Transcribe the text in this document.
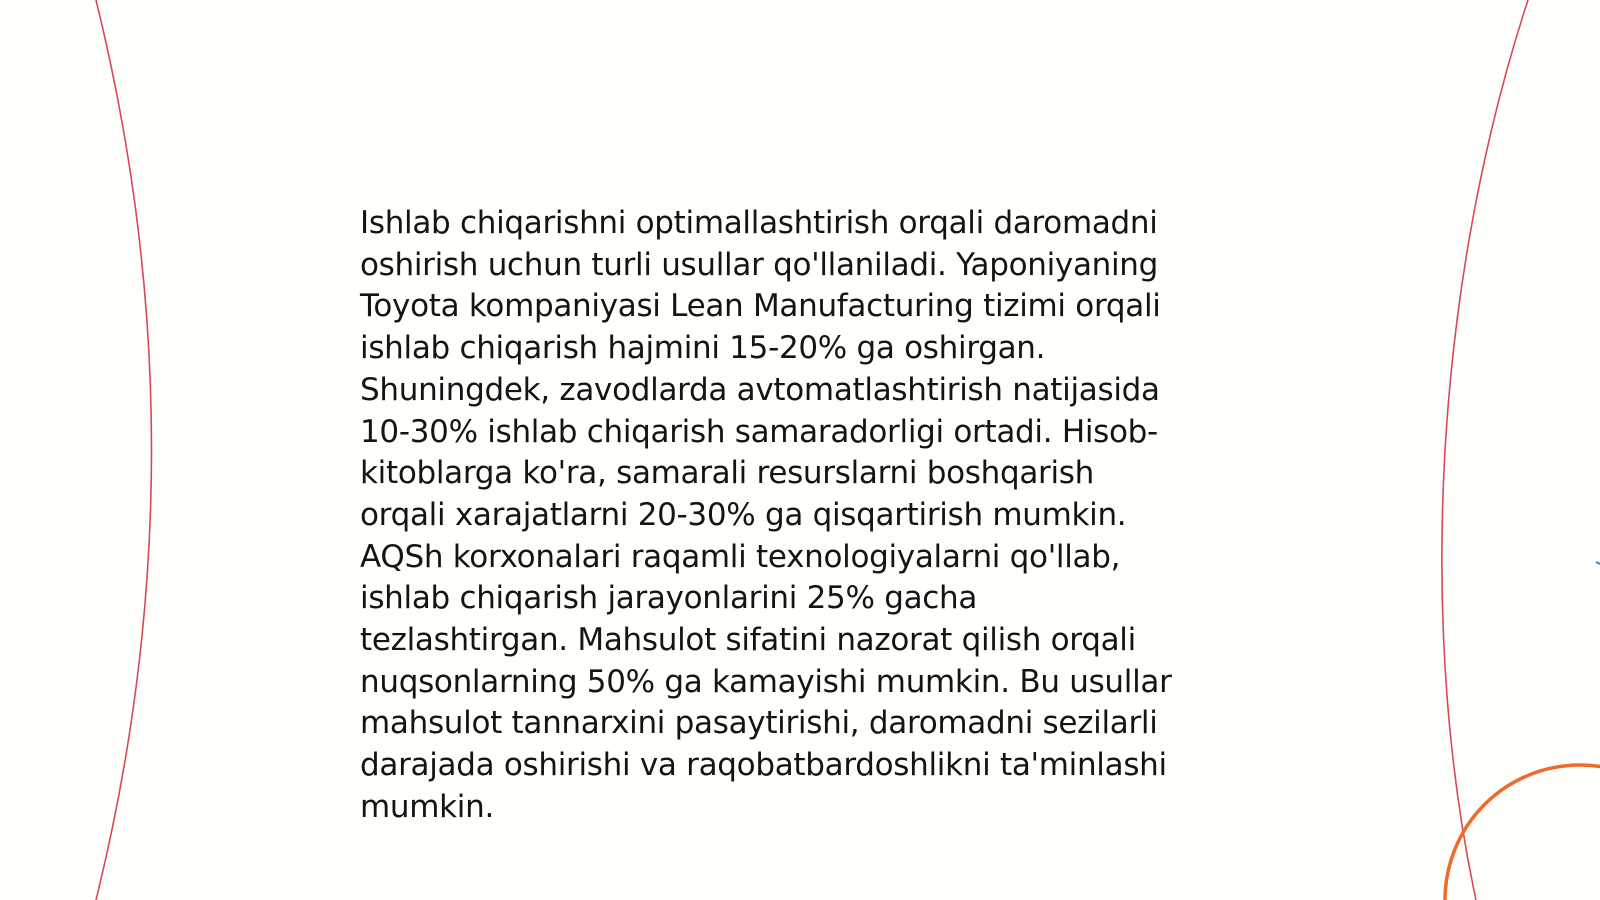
Ishlab chiqarishni optimallashtirish orqali daromadni
oshirish uchun turli usullar qo'llaniladi. Yaponiyaning
Toyota kompaniyasi Lean Manufacturing tizimi orqali
ishlab chiqarish hajmini 15-20% ga oshirgan.
Shuningdek, zavodlarda avtomatlashtirish natijasida
10-30% ishlab chiqarish samaradorligi ortadi. Hisob-
kitoblarga ko'ra, samarali resurslarni boshqarish
orqali xarajatlarni 20-30% ga qisqartirish mumkin.
AQSh korxonalari raqamli texnologiyalarni qo'llab,
ishlab chiqarish jarayonlarini 25% gacha
tezlashtirgan. Mahsulot sifatini nazorat qilish orqali
nuqsonlarning 50% ga kamayishi mumkin. Bu usullar
mahsulot tannarxini pasaytirishi, daromadni sezilarli
darajada oshirishi va raqobatbardoshlikni ta'minlashi
mumkin.
